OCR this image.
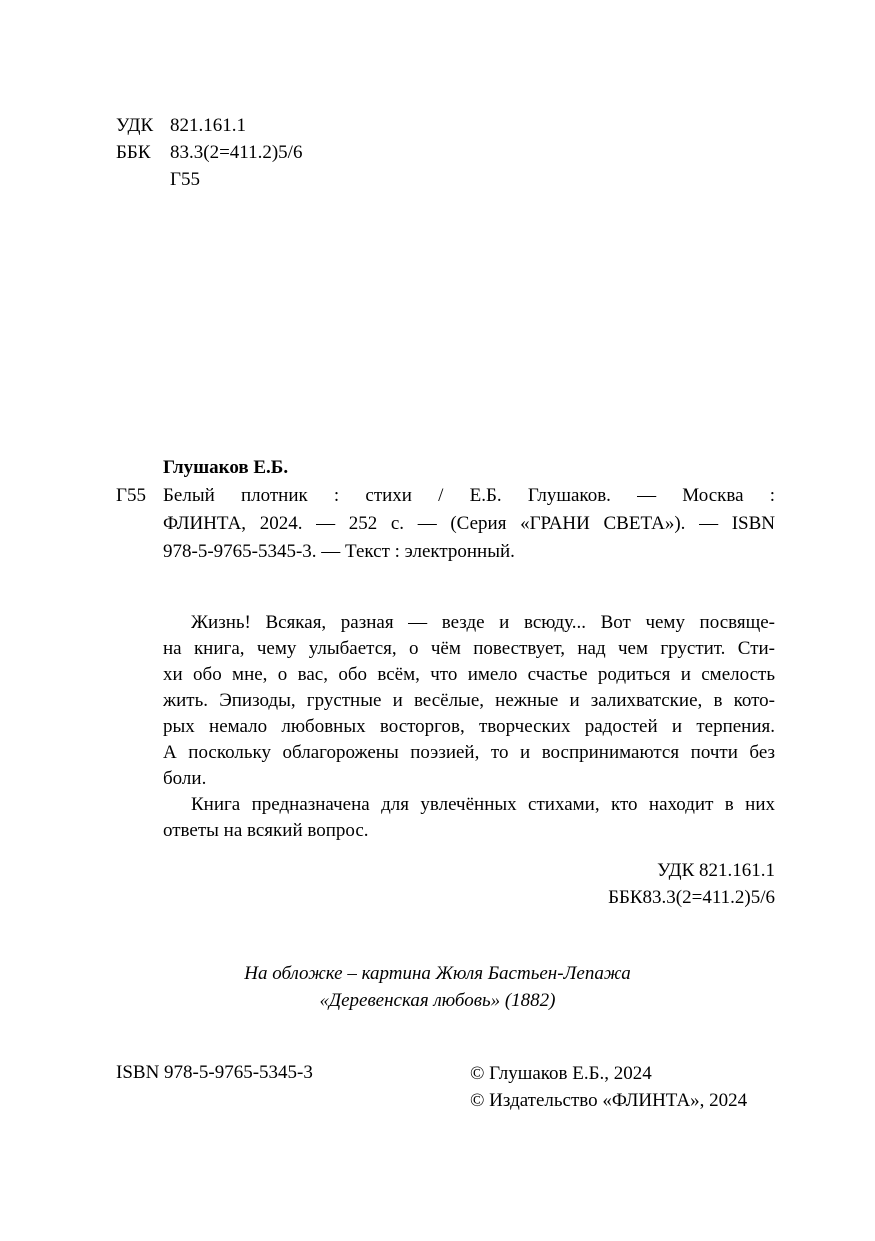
УДК 821.161.1
ББК 83.3(2=411.2)5/6
Г55
Глушаков Е.Б.
Г55 Белый плотник : стихи / Е.Б. Глушаков. — Москва :
ФЛИНТА, 2024. — 252 с. — (Серия «ГРАНИ СВЕТА»). — ISBN
978-5-9765-5345-3. — Текст : электронный.
Жизнь! Всякая, разная — везде и всюду... Вот чему посвяще-
на книга, чему улыбается, о чём повествует, над чем грустит. Сти-
хи обо мне, о вас, обо всём, что имело счастье родиться и смелость
жить. Эпизоды, грустные и весёлые, нежные и залихватские, в кото-
рых немало любовных восторгов, творческих радостей и терпения.
А поскольку облагорожены поэзией, то и воспринимаются почти без
боли.
Книга предназначена для увлечённых стихами, кто находит в них
ответы на всякий вопрос.
УДК 821.161.1
ББК83.3(2=411.2)5/6
На обложке – картина Жюля Бастьен-Лепажа
«Деревенская любовь» (1882)
ISBN 978-5-9765-5345-3	© Глушаков Е.Б., 2024
© Издательство «ФЛИНТА», 2024
